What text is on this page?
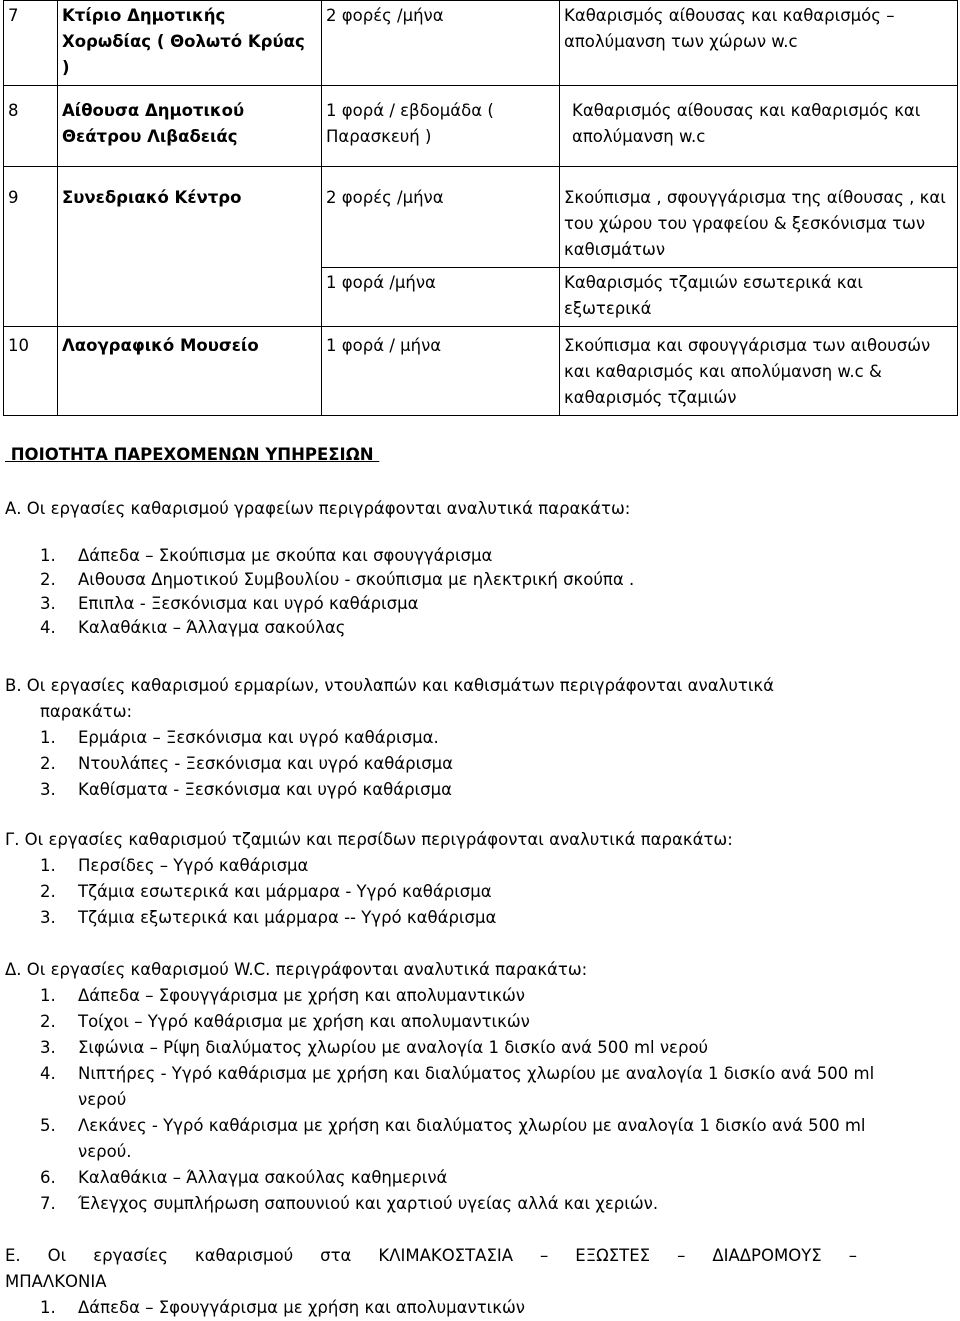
7	Κτίριο Δημοτικής Χορωδίας ( Θολωτό Κρύας )	2 φορές /μήνα	Καθαρισμός αίθουσας και καθαρισμός – απολύμανση των χώρων w.c
8	Αίθουσα Δημοτικού Θεάτρου Λιβαδειάς	1 φορά / εβδομάδα ( Παρασκευή )	Καθαρισμός αίθουσας και καθαρισμός και απολύμανση w.c
9	Συνεδριακό Κέντρο	2 φορές /μήνα	Σκούπισμα , σφουγγάρισμα της αίθουσας , και του χώρου του γραφείου & ξεσκόνισμα των καθισμάτων
		1 φορά /μήνα	Καθαρισμός τζαμιών εσωτερικά και εξωτερικά
10	Λαογραφικό Μουσείο	1 φορά / μήνα	Σκούπισμα και σφουγγάρισμα των αιθουσών και καθαρισμός και απολύμανση w.c & καθαρισμός τζαμιών
ΠΟΙΟΤΗΤΑ ΠΑΡΕΧΟΜΕΝΩΝ ΥΠΗΡΕΣΙΩΝ

Α. Οι εργασίες καθαρισμού γραφείων περιγράφονται αναλυτικά παρακάτω:

1. Δάπεδα – Σκούπισμα με σκούπα και σφουγγάρισμα
2. Αιθουσα Δημοτικού Συμβουλίου - σκούπισμα με ηλεκτρική σκούπα .
3. Επιπλα - Ξεσκόνισμα και υγρό καθάρισμα
4. Καλαθάκια – Άλλαγμα σακούλας

Β. Οι εργασίες καθαρισμού ερμαρίων, ντουλαπών και καθισμάτων περιγράφονται αναλυτικά

παρακάτω:
1. Ερμάρια – Ξεσκόνισμα και υγρό καθάρισμα.
2. Ντουλάπες - Ξεσκόνισμα και υγρό καθάρισμα
3. Καθίσματα - Ξεσκόνισμα και υγρό καθάρισμα

Γ. Οι εργασίες καθαρισμού τζαμιών και περσίδων περιγράφονται αναλυτικά παρακάτω:

1. Περσίδες – Υγρό καθάρισμα
2. Τζάμια εσωτερικά και μάρμαρα - Υγρό καθάρισμα
3. Τζάμια εξωτερικά και μάρμαρα -- Υγρό καθάρισμα

Δ. Οι εργασίες καθαρισμού W.C. περιγράφονται αναλυτικά παρακάτω:

1. Δάπεδα – Σφουγγάρισμα με χρήση και απολυμαντικών
2. Τοίχοι – Υγρό καθάρισμα με χρήση και απολυμαντικών
3. Σιφώνια – Ρίψη διαλύματος χλωρίου με αναλογία 1 δισκίο ανά 500 ml νερού
4. Νιπτήρες - Υγρό καθάρισμα με χρήση και διαλύματος χλωρίου με αναλογία 1 δισκίο ανά 500 ml νερού
5. Λεκάνες - Υγρό καθάρισμα με χρήση και διαλύματος χλωρίου με αναλογία 1 δισκίο ανά 500 ml νερού.
6. Καλαθάκια – Άλλαγμα σακούλας καθημερινά
7. Έλεγχος συμπλήρωση σαπουνιού και χαρτιού υγείας αλλά και χεριών.

Ε. Οι εργασίες καθαρισμού στα ΚΛΙΜΑΚΟΣΤΑΣΙΑ – ΕΞΩΣΤΕΣ – ΔΙΑΔΡΟΜΟΥΣ –

ΜΠΑΛΚΟΝΙΑ
1. Δάπεδα – Σφουγγάρισμα με χρήση και απολυμαντικών
